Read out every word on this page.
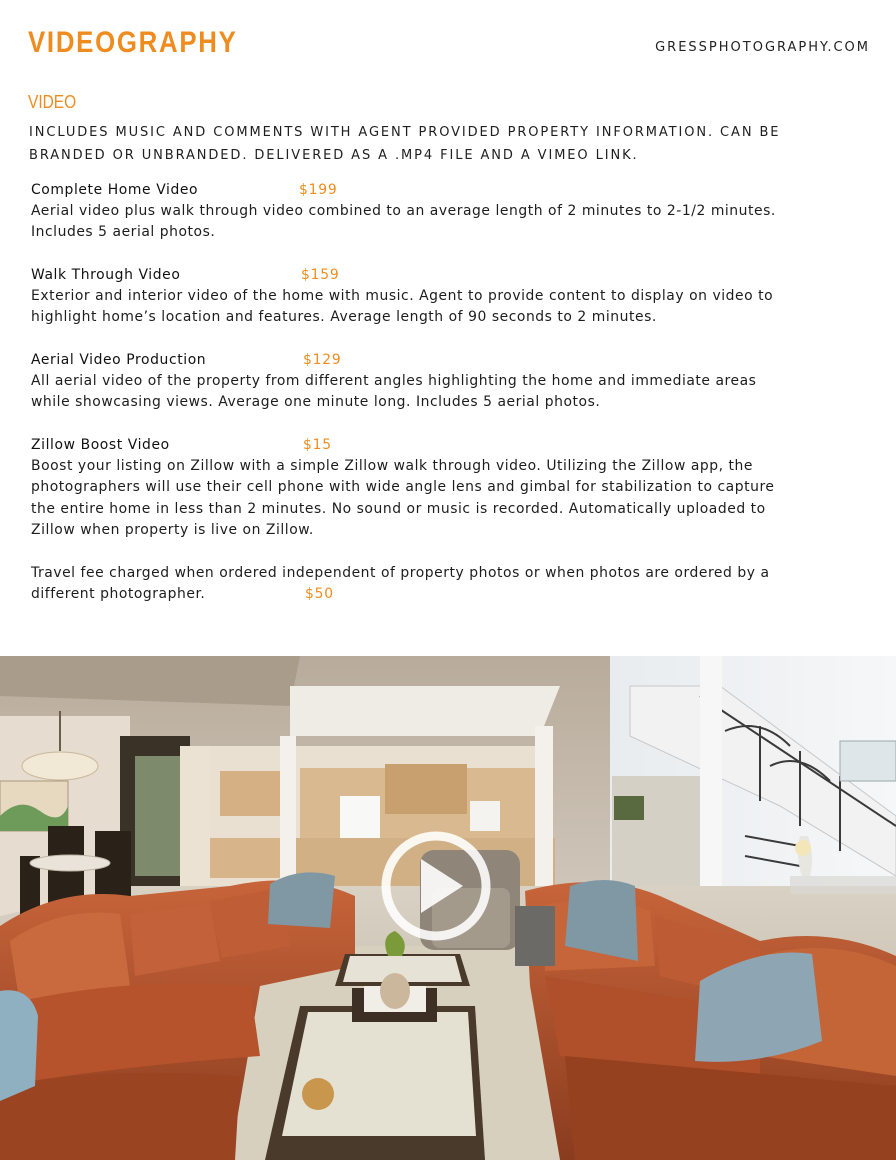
VIDEOGRAPHY	GRESSPHOTOGRAPHY.COM
VIDEO
INCLUDES MUSIC AND COMMENTS WITH AGENT PROVIDED PROPERTY INFORMATION. CAN BE
BRANDED OR UNBRANDED. DELIVERED AS A .MP4 FILE AND A VIMEO LINK.
Complete Home Video	$199
Aerial video plus walk through video combined to an average length of 2 minutes to 2-1/2 minutes.
Includes 5 aerial photos.
Walk Through Video	$159
Exterior and interior video of the home with music. Agent to provide content to display on video to
highlight home’s location and features. Average length of 90 seconds to 2 minutes.
Aerial Video Production	$129
All aerial video of the property from different angles highlighting the home and immediate areas
while showcasing views. Average one minute long. Includes 5 aerial photos.
Zillow Boost Video	$15
Boost your listing on Zillow with a simple Zillow walk through video. Utilizing the Zillow app, the
photographers will use their cell phone with wide angle lens and gimbal for stabilization to capture
the entire home in less than 2 minutes. No sound or music is recorded. Automatically uploaded to
Zillow when property is live on Zillow.
Travel fee charged when ordered independent of property photos or when photos are ordered by a
different photographer.	$50
